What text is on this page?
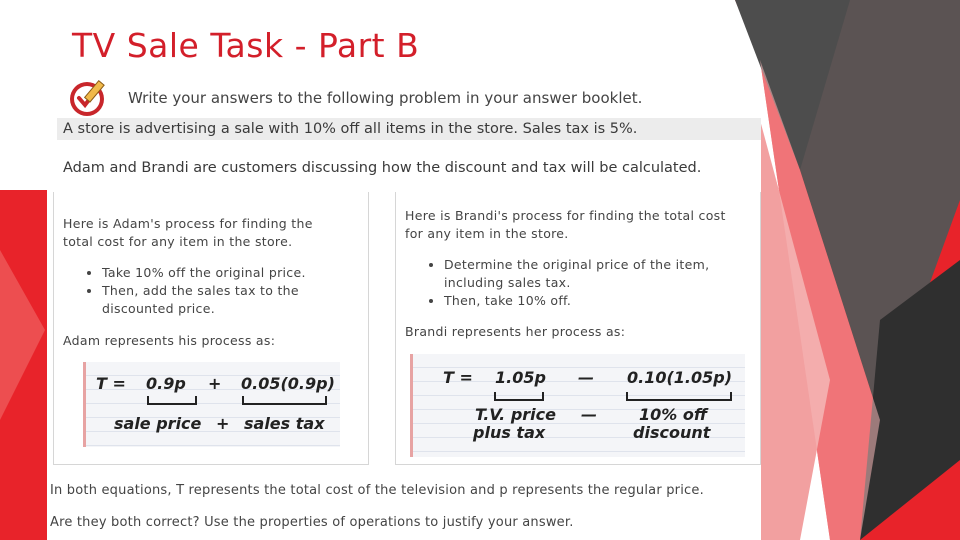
TV Sale Task - Part B
Write your answers to the following problem in your answer booklet.
A store is advertising a sale with 10% off all items in the store. Sales tax is 5%.
Adam and Brandi are customers discussing how the discount and tax will be calculated.
Here is Adam's process for finding the
total cost for any item in the store.
• Take 10% off the original price.
• Then, add the sales tax to the
discounted price.
Adam represents his process as:
T = 0.9p + 0.05(0.9p)
sale price + sales tax
Here is Brandi's process for finding the total cost
for any item in the store.
• Determine the original price of the item,
including sales tax.
• Then, take 10% off.
Brandi represents her process as:
T = 1.05p — 0.10(1.05p)
T.V. price
plus tax
—	10% off
discount
In both equations, T represents the total cost of the television and p represents the regular price.
Are they both correct? Use the properties of operations to justify your answer.
